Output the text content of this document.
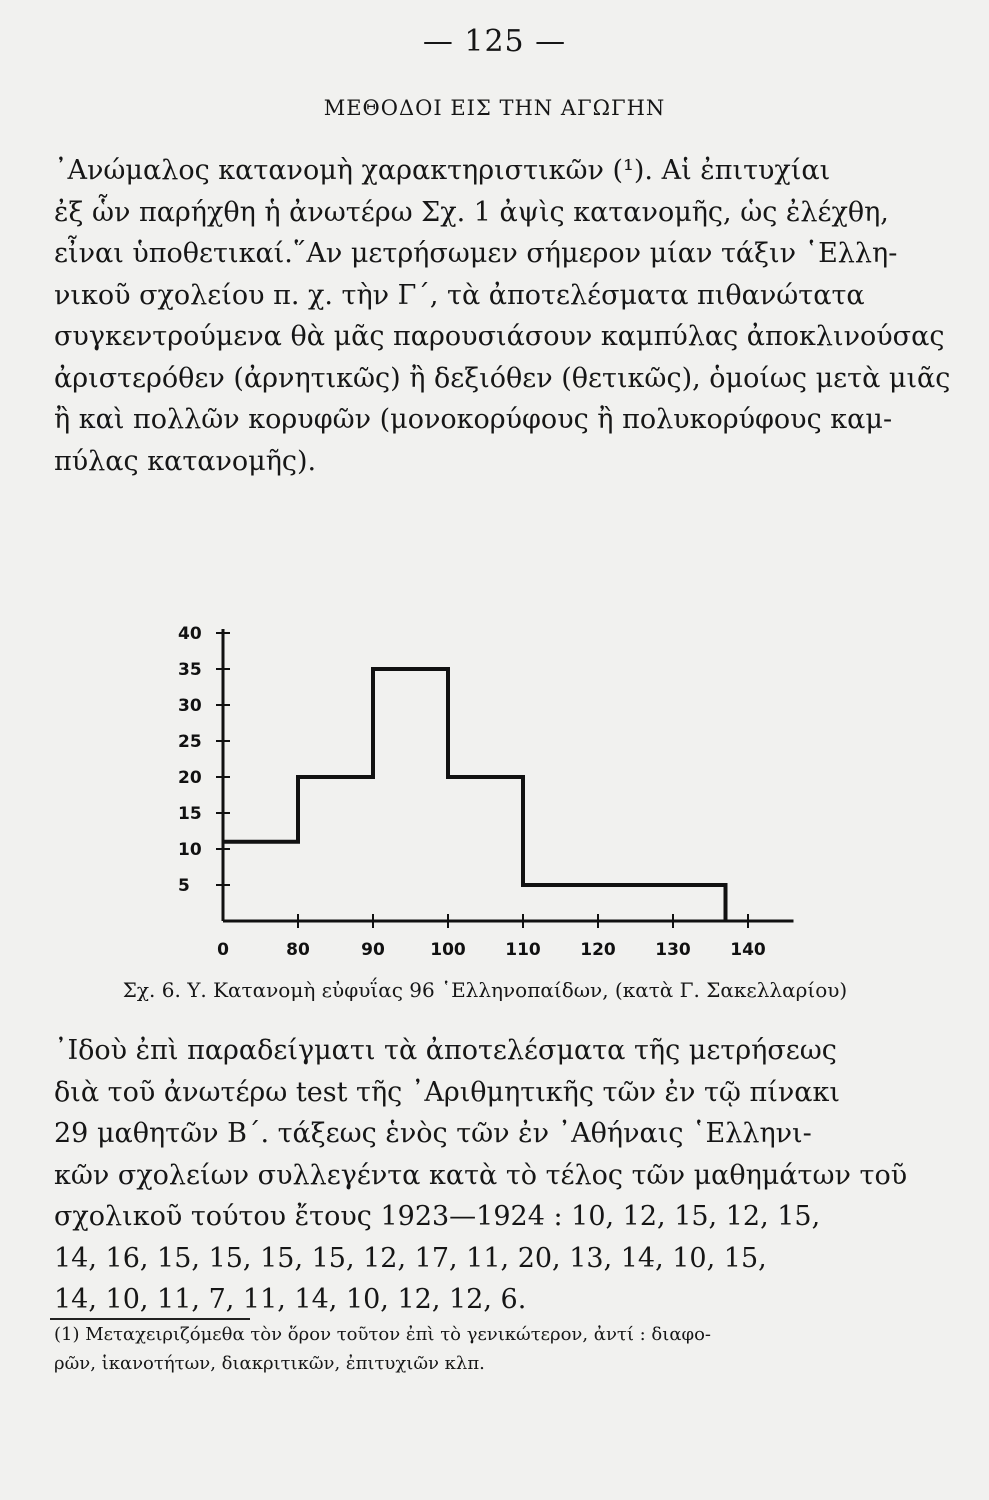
— 125 —
ΜΕΘΟΔΟΙ ΕΙΣ ΤΗΝ ΑΓΩΓΗΝ
᾿Ανώμαλος κατανομὴ χαρακτηριστικῶν (¹). Αἱ ἐπιτυχίαι
ἐξ ὧν παρήχθη ἡ ἀνωτέρω Σχ. 1 ἀψὶς κατανομῆς, ὡς ἐλέχθη,
εἶναι ὑποθετικαί.῞Αν μετρήσωμεν σήμερον μίαν τάξιν ῾Ελλη-
νικοῦ σχολείου π. χ. τὴν Γ΄, τὰ ἀποτελέσματα πιθανώτατα
συγκεντρούμενα θὰ μᾶς παρουσιάσουν καμπύλας ἀποκλινούσας
ἀριστερόθεν (ἀρνητικῶς) ἢ δεξιόθεν (θετικῶς), ὁμοίως μετὰ μιᾶς
ἢ καὶ πολλῶν κορυφῶν (μονοκορύφους ἢ πολυκορύφους καμ-
πύλας κατανομῆς).
5
10
15
20
25
30
35
40
0	80	90	100 110 120 130 140
Σχ. 6. Υ. Κατανομὴ εὐφυΐας 96 ῾Ελληνοπαίδων, (κατὰ Γ. Σακελλαρίου)
᾿Ιδοὺ ἐπὶ παραδείγματι τὰ ἀποτελέσματα τῆς μετρήσεως
διὰ τοῦ ἀνωτέρω test τῆς ᾿Αριθμητικῆς τῶν ἐν τῷ πίνακι
29 μαθητῶν Β΄. τάξεως ἑνὸς τῶν ἐν ᾿Αθήναις ῾Ελληνι-
κῶν σχολείων συλλεγέντα κατὰ τὸ τέλος τῶν μαθημάτων τοῦ
σχολικοῦ τούτου ἔτους 1923—1924 : 10, 12, 15, 12, 15,
14, 16, 15, 15, 15, 15, 12, 17, 11, 20, 13, 14, 10, 15,
14, 10, 11, 7, 11, 14, 10, 12, 12, 6.
(1) Μεταχειριζόμεθα τὸν ὅρον τοῦτον ἐπὶ τὸ γενικώτερον, ἀντί : διαφο-
ρῶν, ἱκανοτήτων, διακριτικῶν, ἐπιτυχιῶν κλπ.
